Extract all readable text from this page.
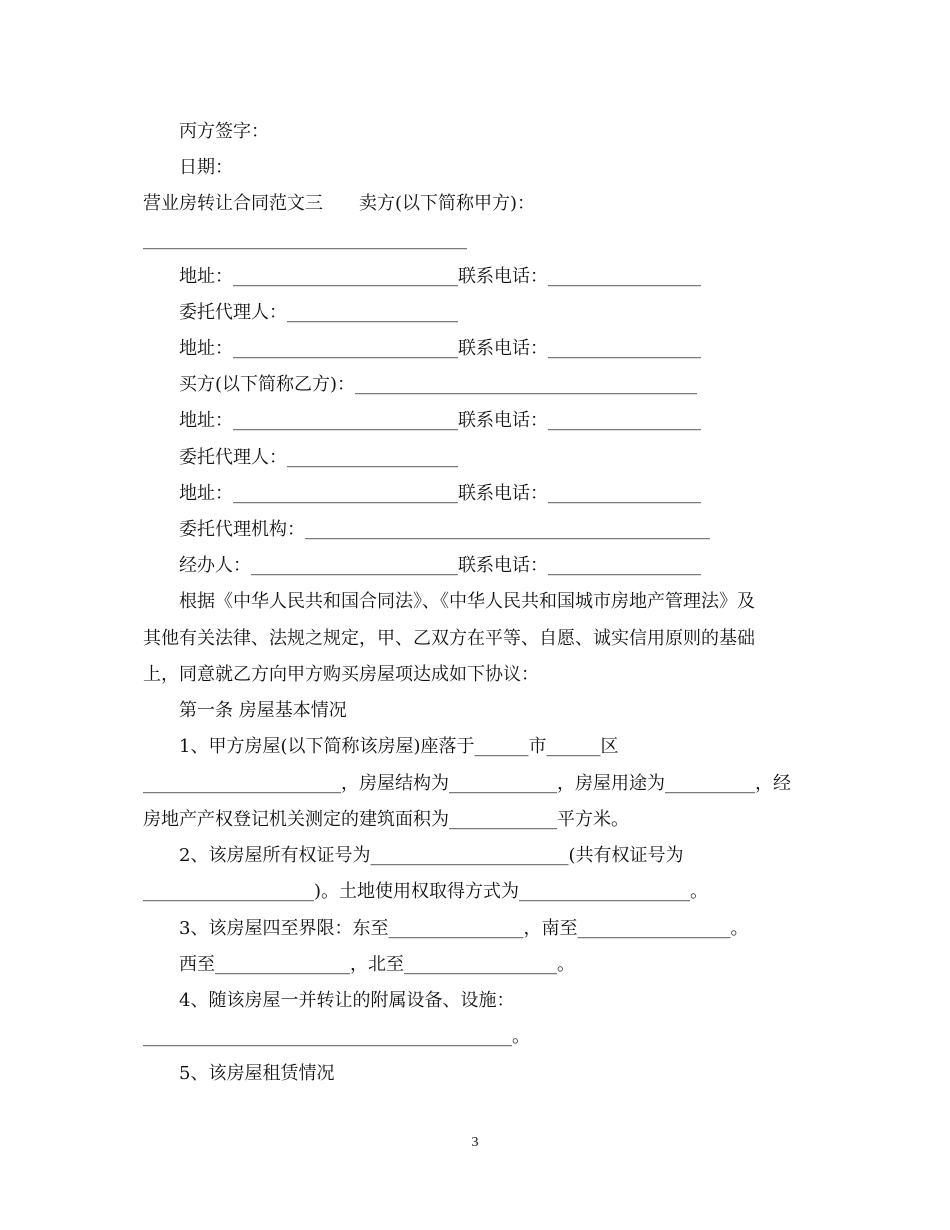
丙方签字：
日期：
营业房转让合同范文三　　卖方(以下简称甲方)：
____________________________________
地址：_________________________联系电话：_________________
委托代理人：___________________
地址：_________________________联系电话：_________________
买方(以下简称乙方)：______________________________________
地址：_________________________联系电话：_________________
委托代理人：___________________
地址：_________________________联系电话：_________________
委托代理机构：_____________________________________________
经办人：_______________________联系电话：_________________
根据《中华人民共和国合同法》、《中华人民共和国城市房地产管理法》及
其他有关法律、法规之规定，甲、乙双方在平等、自愿、诚实信用原则的基础
上，同意就乙方向甲方购买房屋项达成如下协议：
第一条 房屋基本情况
1、甲方房屋(以下简称该房屋)座落于______市______区
______________________，房屋结构为____________，房屋用途为__________，经
房地产产权登记机关测定的建筑面积为____________平方米。
2、该房屋所有权证号为______________________(共有权证号为
___________________)。土地使用权取得方式为___________________。
3、该房屋四至界限：东至_______________，南至_________________。
西至_______________，北至_________________。
4、随该房屋一并转让的附属设备、设施：
_________________________________________。
5、该房屋租赁情况
3
